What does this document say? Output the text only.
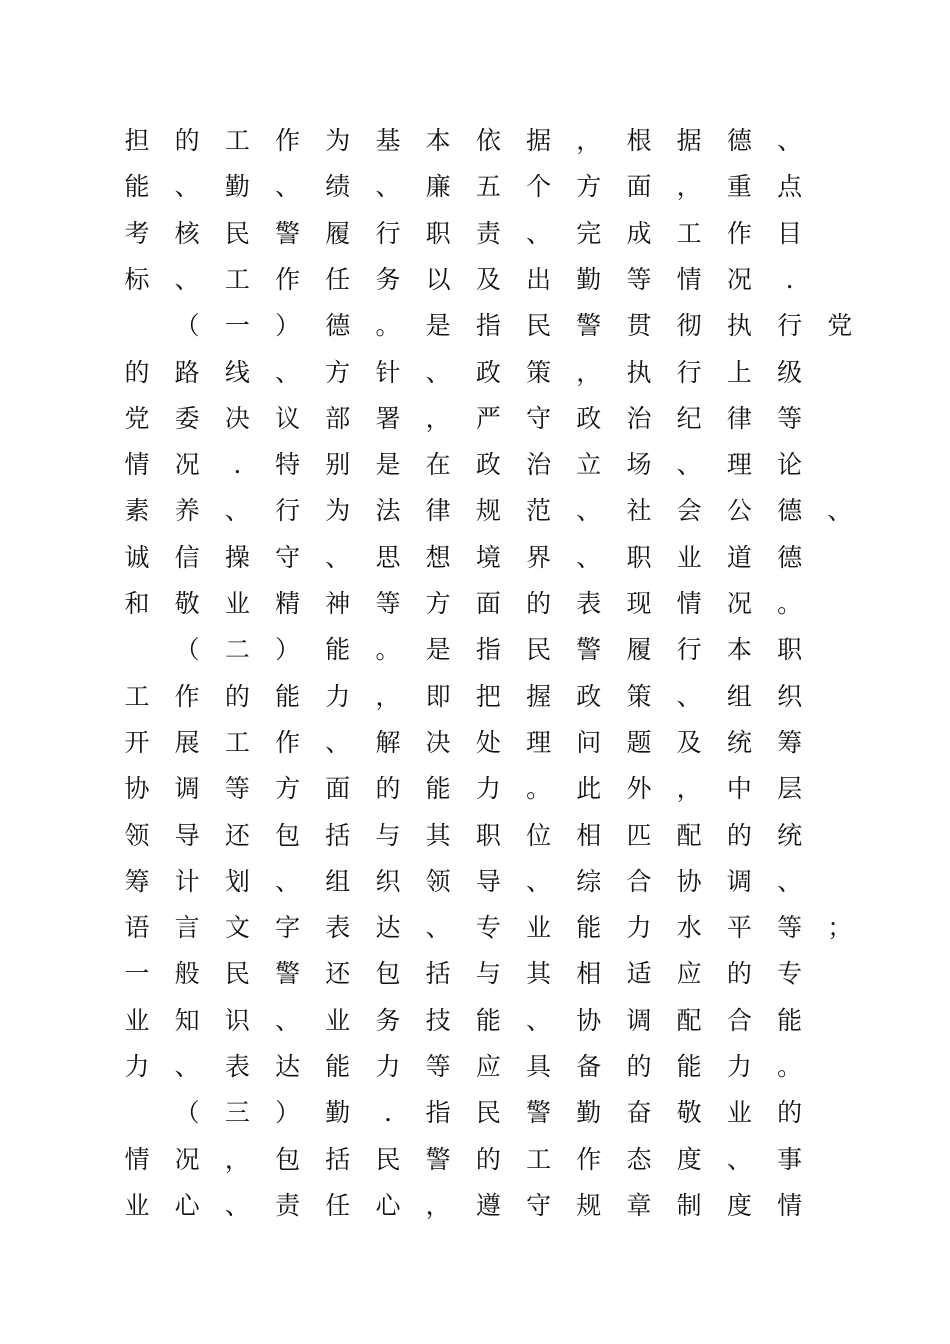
担 的 工 作 为 基 本 依 据 ， 根 据 德 、
能 、 勤 、 绩 、 廉 五 个 方 面 ， 重 点
考 核 民 警 履 行 职 责 、 完 成 工 作 目
标 、 工 作 任 务 以 及 出 勤 等 情 况	.
（ 一 ） 德 。 是 指 民 警 贯 彻 执 行 党
的 路 线 、 方 针 、 政 策 ， 执 行 上 级
党 委 决 议 部 署 ， 严 守 政 治 纪 律 等
情 况	.	特 别 是 在 政 治 立 场 、 理 论
素 养 、 行 为 法 律 规 范 、 社 会 公 德 、
诚 信 操 守 、 思 想 境 界 、 职 业 道 德
和 敬 业 精 神 等 方 面 的 表 现 情 况 。
（ 二 ） 能 。 是 指 民 警 履 行 本 职
工 作 的 能 力 ， 即 把 握 政 策 、 组 织
开 展 工 作 、 解 决 处 理 问 题 及 统 筹
协 调 等 方 面 的 能 力 。 此 外 ， 中 层
领 导 还 包 括 与 其 职 位 相 匹 配 的 统
筹 计 划 、 组 织 领 导 、 综 合 协 调 、
语 言 文 字 表 达 、 专 业 能 力 水 平 等 ；
一 般 民 警 还 包 括 与 其 相 适 应 的 专
业 知 识 、 业 务 技 能 、 协 调 配 合 能
力 、 表 达 能 力 等 应 具 备 的 能 力 。
（ 三 ） 勤	.	指 民 警 勤 奋 敬 业 的
情 况 ， 包 括 民 警 的 工 作 态 度 、 事
业 心 、 责 任 心 ， 遵 守 规 章 制 度 情
